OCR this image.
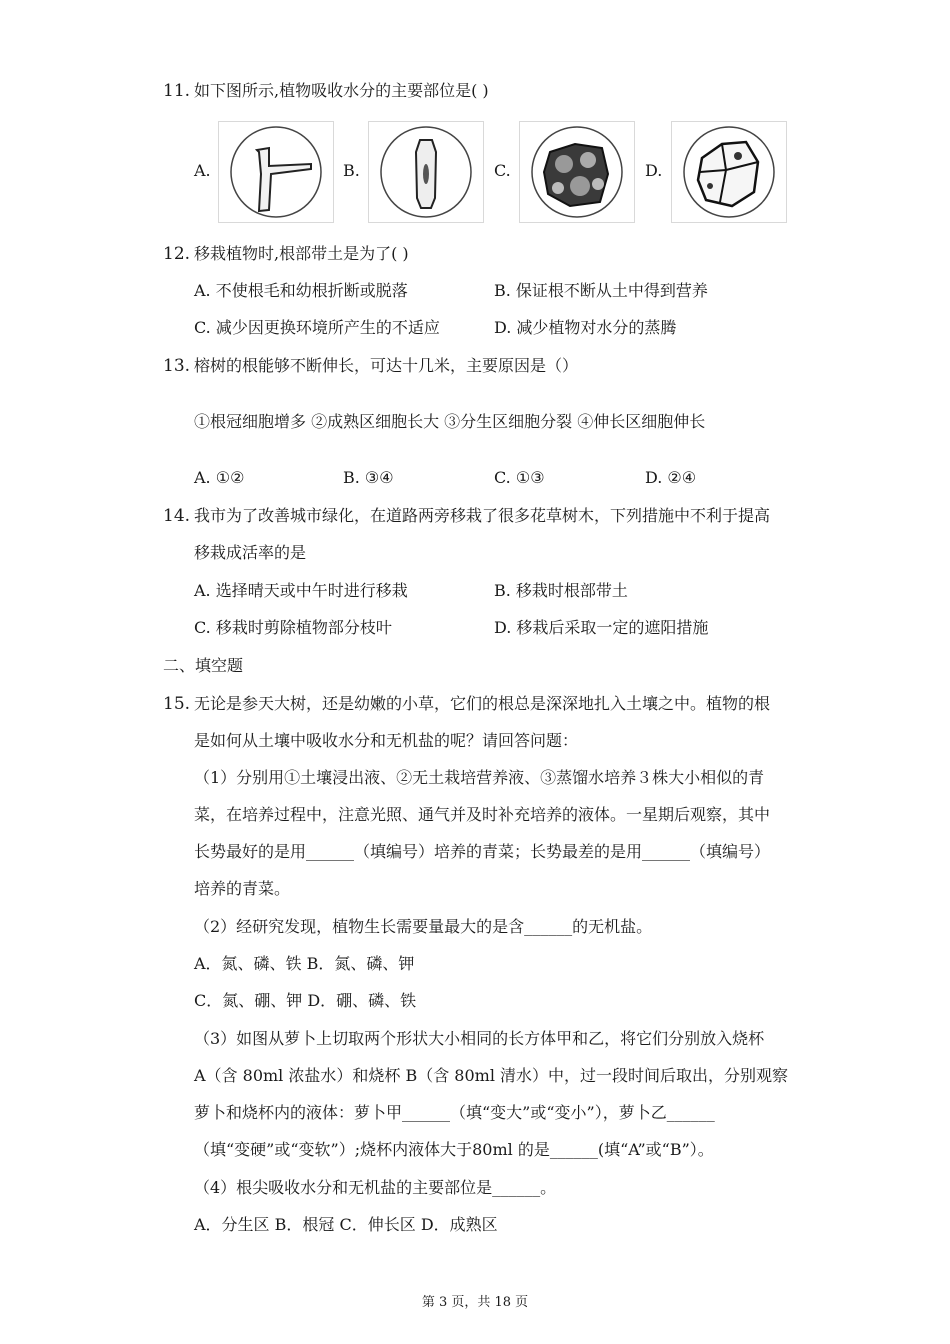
11. 如下图所示,植物吸收水分的主要部位是( )
A.	B.	C.	D.
12. 移栽植物时,根部带土是为了( )
A. 不使根毛和幼根折断或脱落	B. 保证根不断从土中得到营养
C. 减少因更换环境所产生的不适应	D. 减少植物对水分的蒸腾
13. 榕树的根能够不断伸长，可达十几米，主要原因是（）
①根冠细胞增多 ②成熟区细胞长大 ③分生区细胞分裂 ④伸长区细胞伸长
A. ①②	B. ③④	C. ①③	D. ②④
14. 我市为了改善城市绿化，在道路两旁移栽了很多花草树木，下列措施中不利于提高
移栽成活率的是
A. 选择晴天或中午时进行移栽	B. 移栽时根部带土
C. 移栽时剪除植物部分枝叶	D. 移栽后采取一定的遮阳措施
二、填空题
15. 无论是参天大树，还是幼嫩的小草，它们的根总是深深地扎入土壤之中。植物的根
是如何从土壤中吸收水分和无机盐的呢？请回答问题：
（1）分别用①土壤浸出液、②无土栽培营养液、③蒸馏水培养３株大小相似的青
菜，在培养过程中，注意光照、通气并及时补充培养的液体。一星期后观察，其中
长势最好的是用______（填编号）培养的青菜；长势最差的是用______（填编号）
培养的青菜。
（2）经研究发现，植物生长需要量最大的是含______的无机盐。
A．氮、磷、铁 B．氮、磷、钾
C．氮、硼、钾 D．硼、磷、铁
（3）如图从萝卜上切取两个形状大小相同的长方体甲和乙，将它们分别放入烧杯
A（含 80ml 浓盐水）和烧杯 B（含 80ml 清水）中，过一段时间后取出，分别观察
萝卜和烧杯内的液体：萝卜甲______（填“变大”或“变小”），萝卜乙______
（填“变硬”或“变软”）;烧杯内液体大于80ml 的是______(填“A”或“B”）。
（4）根尖吸收水分和无机盐的主要部位是______。
A．分生区 B．根冠 C．伸长区 D．成熟区
第 3 页，共 18 页
